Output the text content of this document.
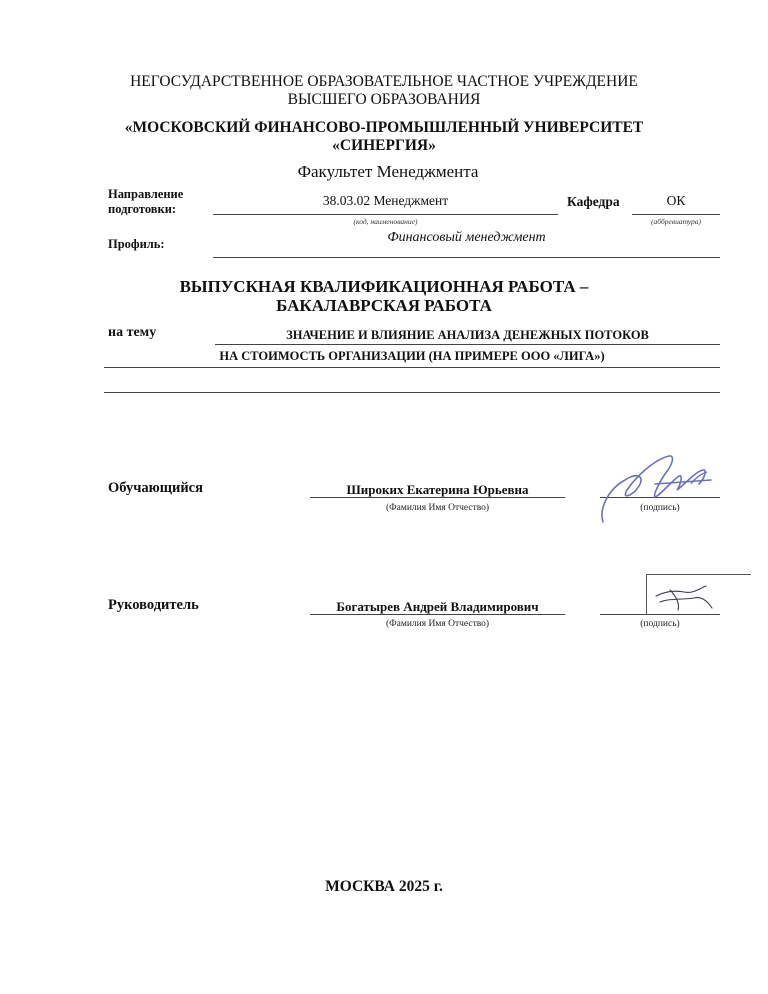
НЕГОСУДАРСТВЕННОЕ ОБРАЗОВАТЕЛЬНОЕ ЧАСТНОЕ УЧРЕЖДЕНИЕ
ВЫСШЕГО ОБРАЗОВАНИЯ
«МОСКОВСКИЙ ФИНАНСОВО-ПРОМЫШЛЕННЫЙ УНИВЕРСИТЕТ
«СИНЕРГИЯ»
Факультет Менеджмента
Направление
подготовки:
38.03.02 Менеджмент
(код, наименование)
Кафедра	ОК
(аббревиатура)
Профиль:	Финансовый менеджмент
ВЫПУСКНАЯ КВАЛИФИКАЦИОННАЯ РАБОТА –
БАКАЛАВРСКАЯ РАБОТА
на тему	ЗНАЧЕНИЕ И ВЛИЯНИЕ АНАЛИЗА ДЕНЕЖНЫХ ПОТОКОВ
НА СТОИМОСТЬ ОРГАНИЗАЦИИ (НА ПРИМЕРЕ ООО «ЛИГА»)
Обучающийся	Широких Екатерина Юрьевна
(Фамилия Имя Отчество)	(подпись)
Руководитель	Богатырев Андрей Владимирович
(Фамилия Имя Отчество)	(подпись)
МОСКВА 2025 г.
